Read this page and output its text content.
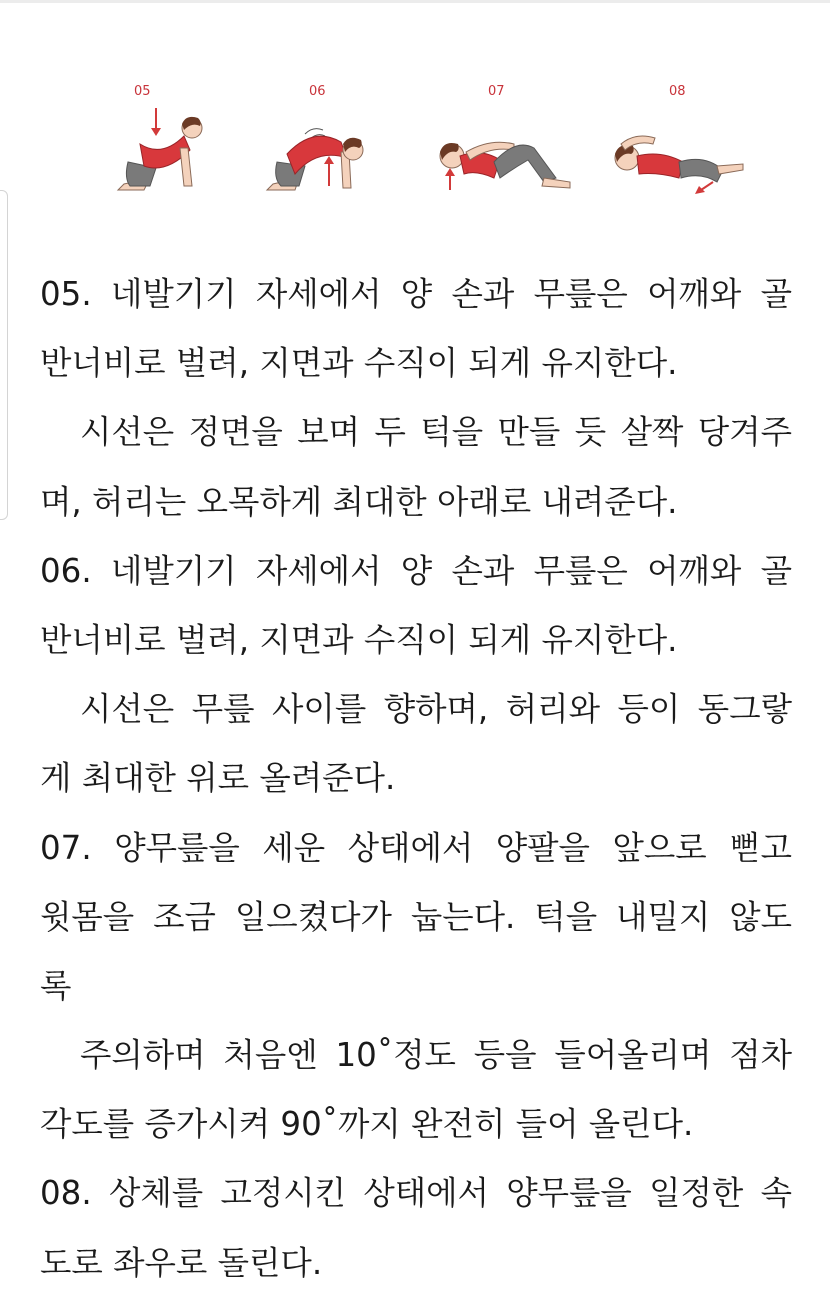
05	06	07	08
05. 네발기기 자세에서 양 손과 무릎은 어깨와 골
반너비로 벌려, 지면과 수직이 되게 유지한다.
시선은 정면을 보며 두 턱을 만들 듯 살짝 당겨주
며, 허리는 오목하게 최대한 아래로 내려준다.
06. 네발기기 자세에서 양 손과 무릎은 어깨와 골
반너비로 벌려, 지면과 수직이 되게 유지한다.
시선은 무릎 사이를 향하며, 허리와 등이 동그랗
게 최대한 위로 올려준다.
07. 양무릎을 세운 상태에서 양팔을 앞으로 뻗고
윗몸을 조금 일으켰다가 눕는다. 턱을 내밀지 않도
록
주의하며 처음엔 10˚정도 등을 들어올리며 점차
각도를 증가시켜 90˚까지 완전히 들어 올린다.
08. 상체를 고정시킨 상태에서 양무릎을 일정한 속
도로 좌우로 돌린다.
